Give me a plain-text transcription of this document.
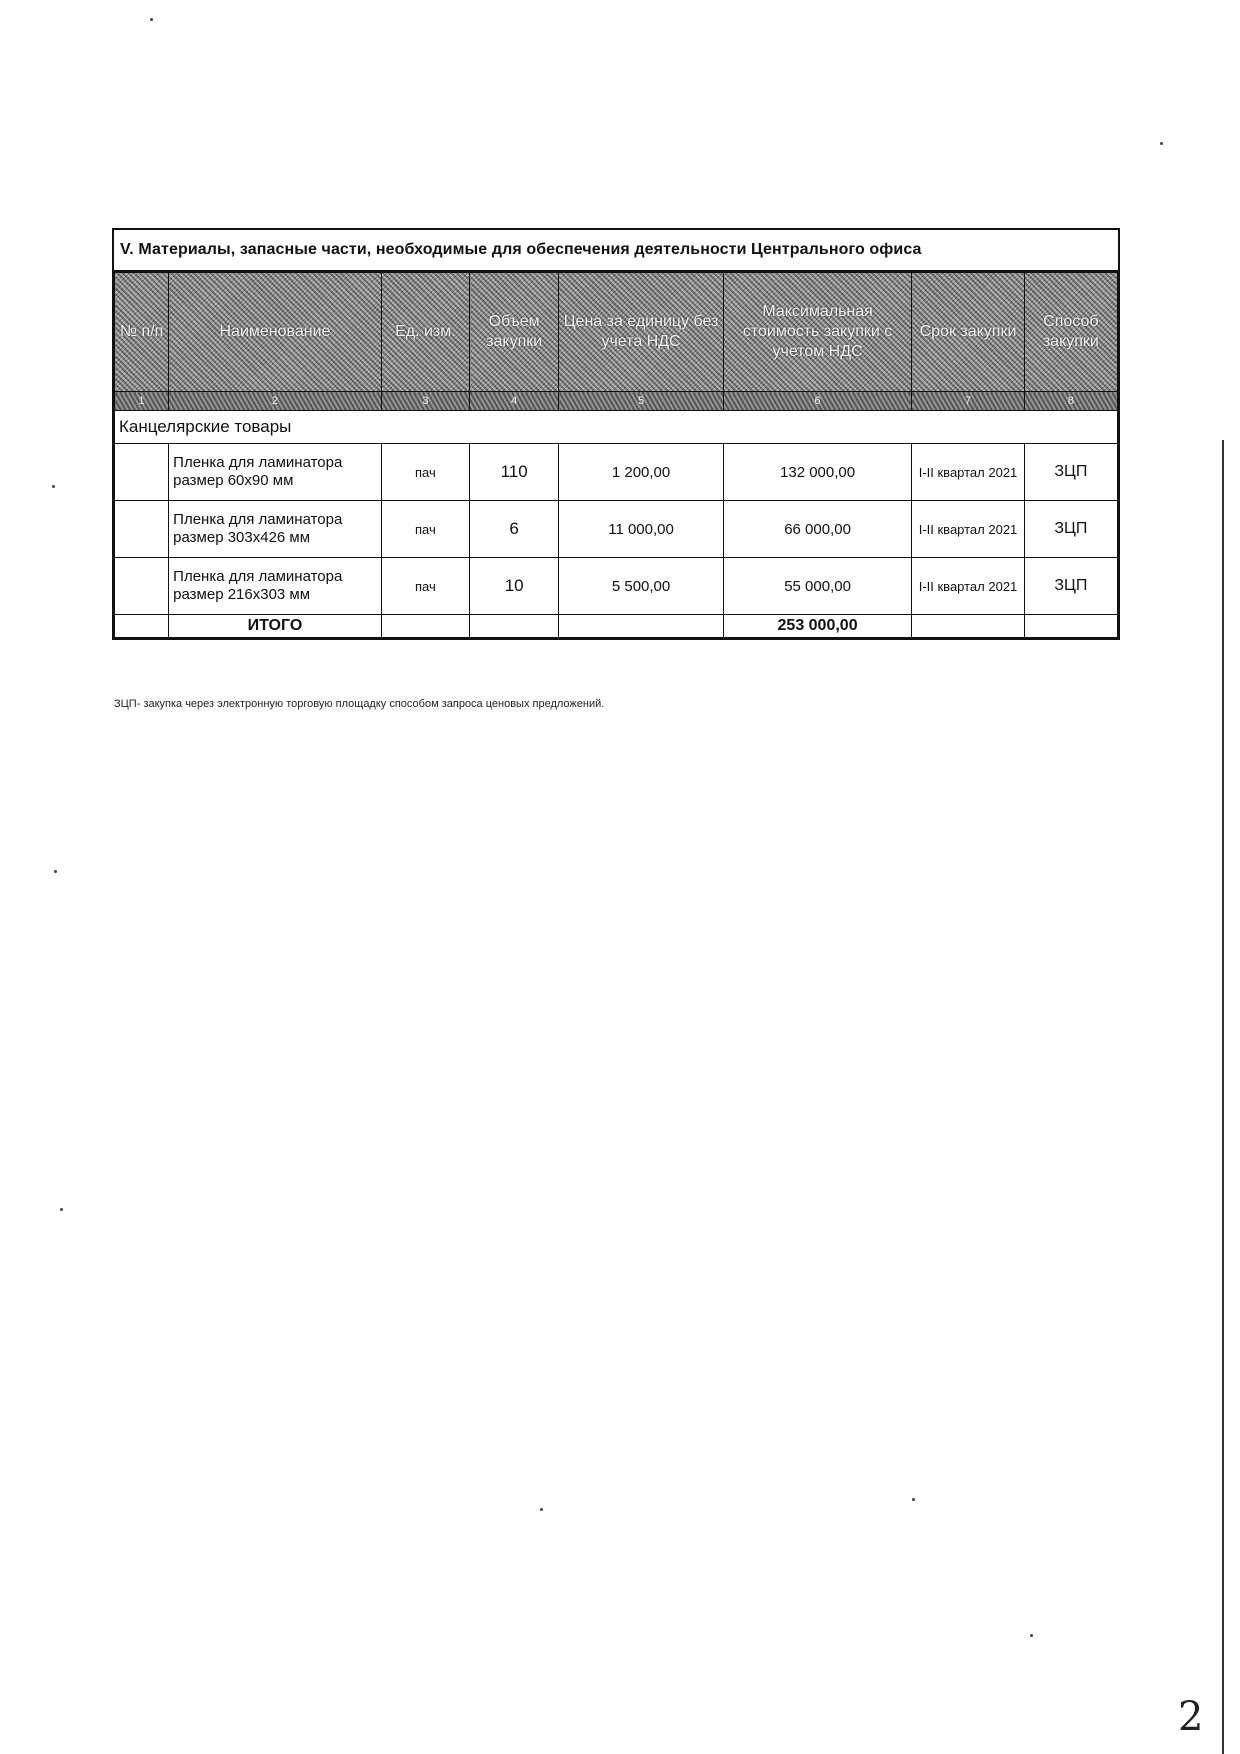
V. Материалы, запасные части, необходимые для обеспечения деятельности Центрального офиса
№ п/п	Наименование	Ед. изм.	Объем закупки	Цена за единицу без учета НДС	Максимальная стоимость закупки с учетом НДС	Срок закупки	Способ закупки
1	2	3	4	5	6	7	8
Канцелярские товары							
	Пленка для ламинатора размер 60х90 мм	пач	110	1 200,00	132 000,00	I-II квартал 2021	ЗЦП
	Пленка для ламинатора размер 303х426 мм	пач	6	11 000,00	66 000,00	I-II квартал 2021	ЗЦП
	Пленка для ламинатора размер 216х303 мм	пач	10	5 500,00	55 000,00	I-II квартал 2021	ЗЦП
	ИТОГО				253 000,00		
ЗЦП- закупка через электронную торговую площадку способом запроса ценовых предложений.
2
